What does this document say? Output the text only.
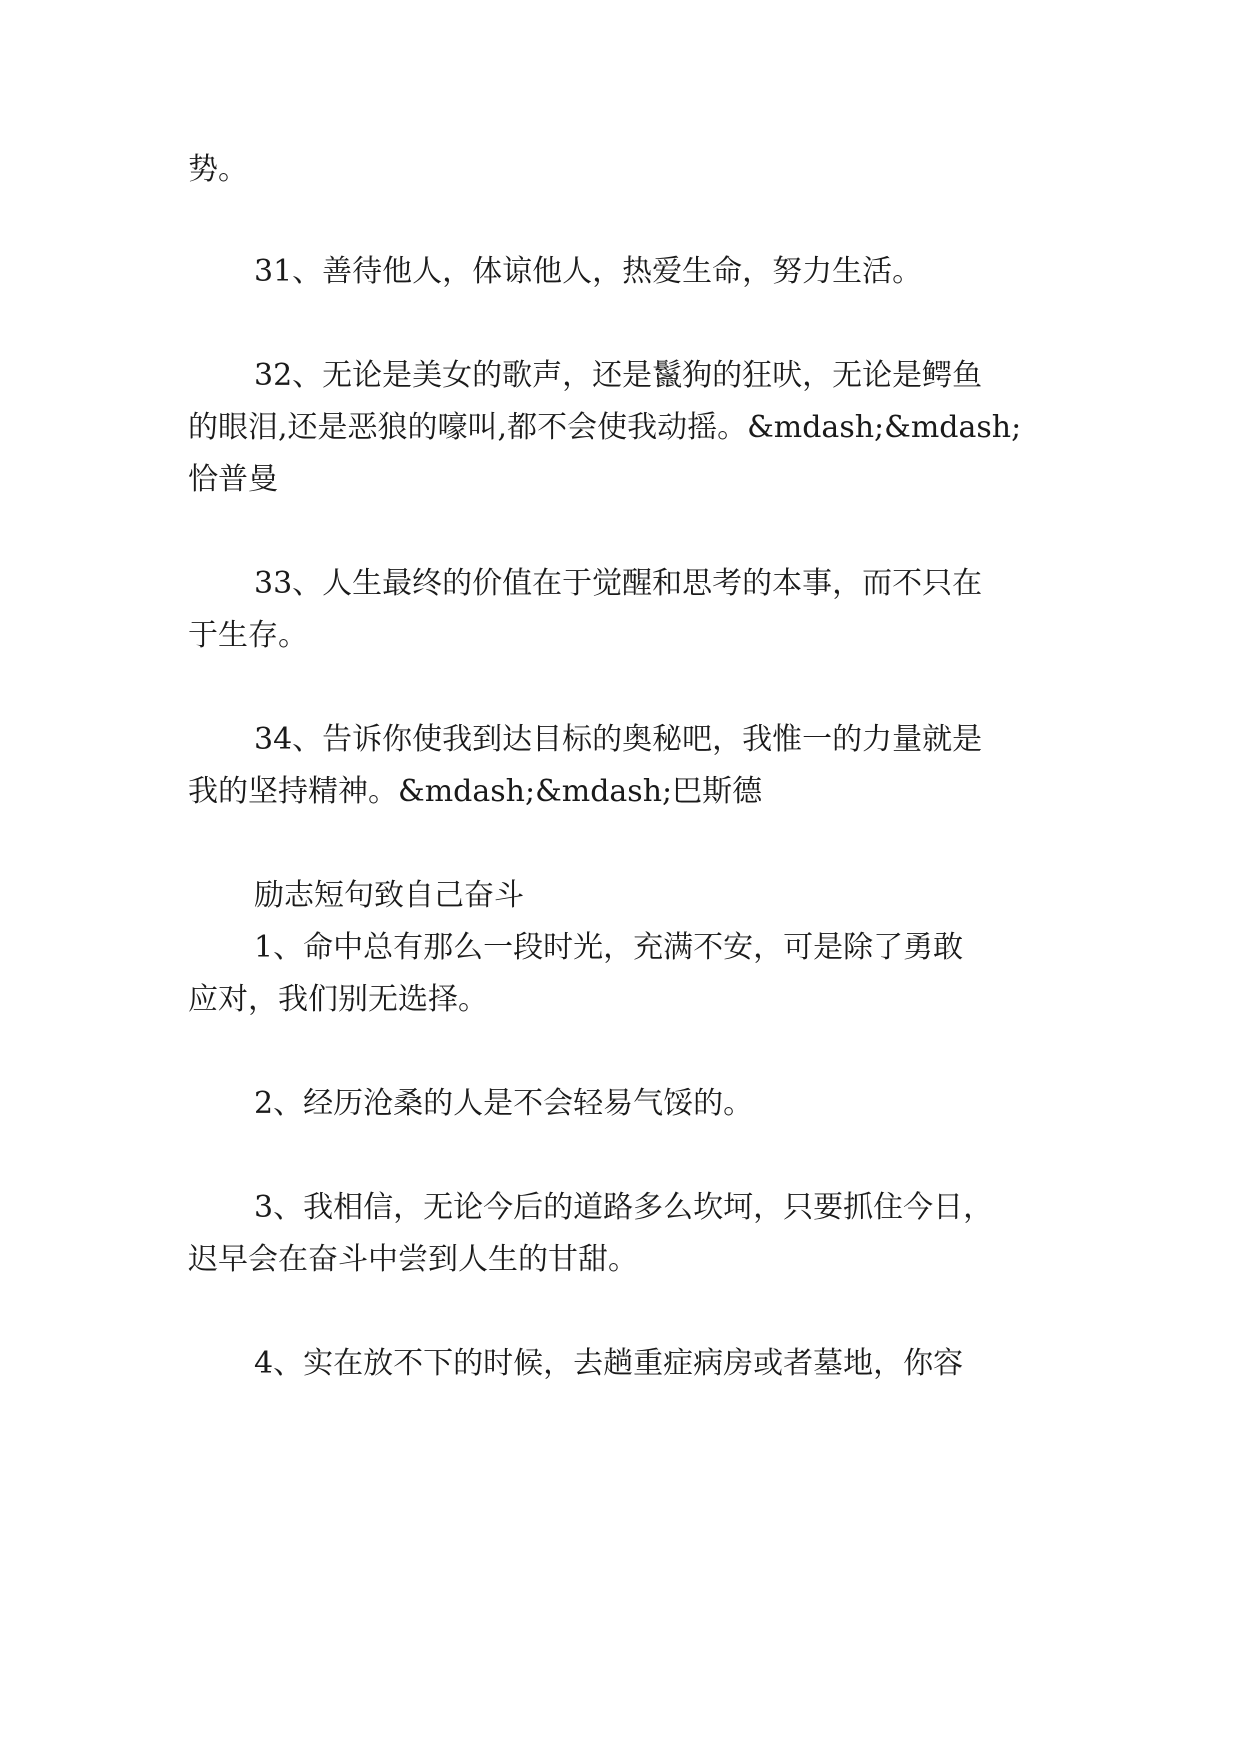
势。
31、善待他人，体谅他人，热爱生命，努力生活。
32、无论是美女的歌声，还是鬣狗的狂吠，无论是鳄鱼
的眼泪,还是恶狼的嚎叫,都不会使我动摇。&mdash;&mdash;
恰普曼
33、人生最终的价值在于觉醒和思考的本事，而不只在
于生存。
34、告诉你使我到达目标的奥秘吧，我惟一的力量就是
我的坚持精神。&mdash;&mdash;巴斯德
励志短句致自己奋斗
1、命中总有那么一段时光，充满不安，可是除了勇敢
应对，我们别无选择。
2、经历沧桑的人是不会轻易气馁的。
3、我相信，无论今后的道路多么坎坷，只要抓住今日，
迟早会在奋斗中尝到人生的甘甜。
4、实在放不下的时候，去趟重症病房或者墓地，你容
